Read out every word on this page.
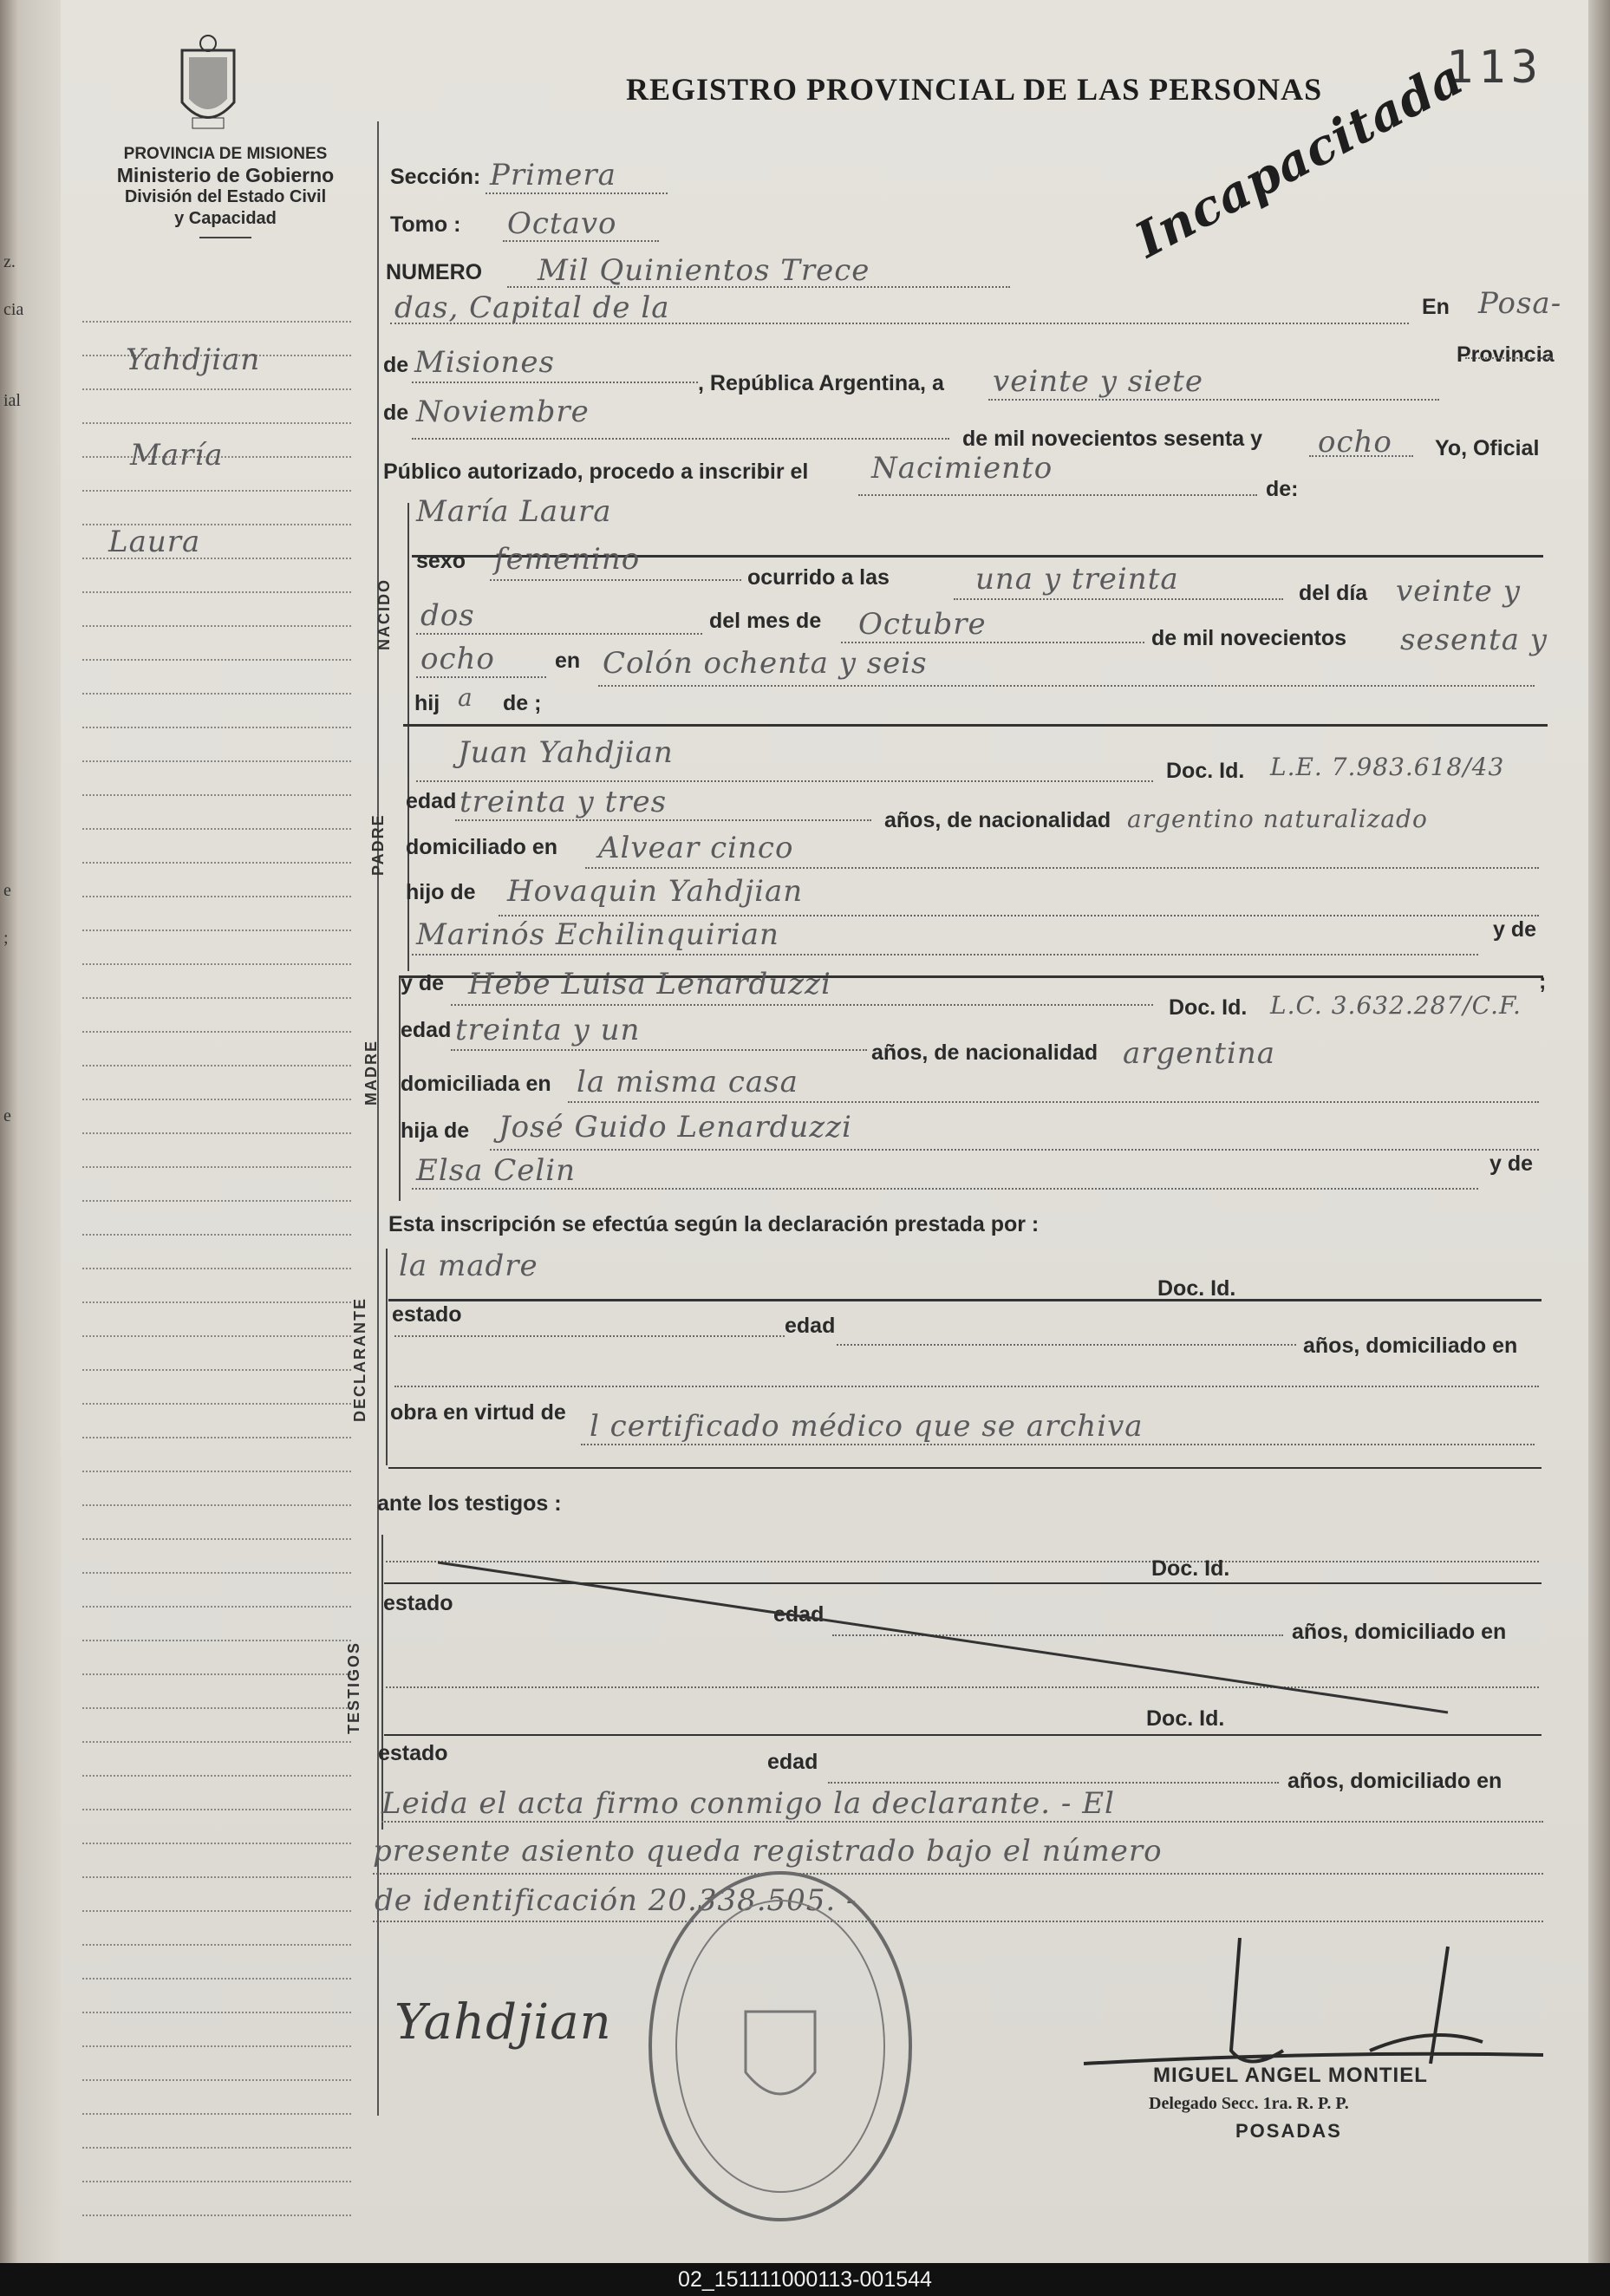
z.
cia
ial
e
;
e
PROVINCIA DE MISIONES
Ministerio de Gobierno
División del Estado Civil
y Capacidad
REGISTRO PROVINCIAL DE LAS PERSONAS	113
Incapacitada
Yahdjian
María
Laura
Sección: Primera
Tomo : Octavo
NUMERO Mil Quinientos Trece
das, Capital de la	En Posa-
Provincia
de Misiones
, República Argentina, a veinte y siete
de Noviembre
de mil novecientos sesenta y ocho Yo, Oficial
Público autorizado, procedo a inscribir el Nacimiento
de:
NACIDO
María Laura
sexo femenino
ocurrido a las	una y treinta	del día veinte y
dos	del mes de Octubre	de mil novecientos sesenta y
ocho	en Colón ochenta y seis
hij a de ;
PADRE
Juan Yahdjian
Doc. Id. L.E. 7.983.618/43
edad treinta y tres
años, de nacionalidad argentino naturalizado
domiciliado en Alvear cinco
hijo de Hovaquin Yahdjian
Marinós Echilinquirian	y de
MADRE
;
y de Hebe Luisa Lenarduzzi
Doc. Id. L.C. 3.632.287/C.F.
edad treinta y un
años, de nacionalidad argentina
domiciliada en la misma casa
hija de José Guido Lenarduzzi
Elsa Celin	y de
Esta inscripción se efectúa según la declaración prestada por :
DECLARANTE
la madre
Doc. Id.
estado	edad
años, domiciliado en
obra en virtud de l certificado médico que se archiva
ante los testigos :
TESTIGOS
Doc. Id.
estado	edad
años, domiciliado en
Doc. Id.
estado	edad
años, domiciliado en
Leida el acta firmo conmigo la declarante. - El
presente asiento queda registrado bajo el número
de identificación 20.338.505. -
Yahdjian
MIGUEL ANGEL MONTIEL
Delegado Secc. 1ra. R. P. P.
POSADAS
02_151111000113-001544
